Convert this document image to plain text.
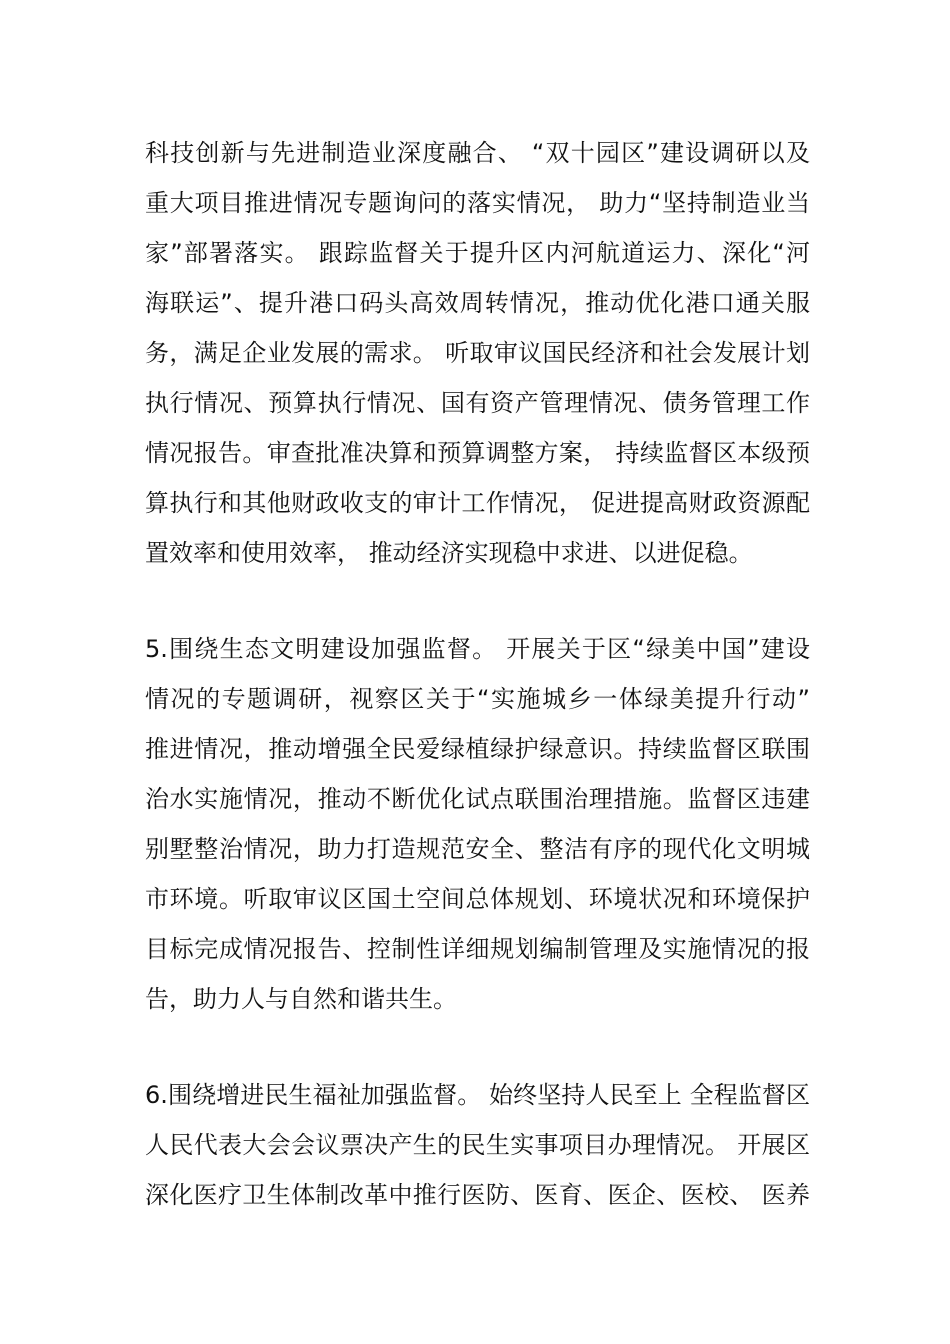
科技创新与先进制造业深度融合、 “双十园区”建设调研以及
重大项目推进情况专题询问的落实情况， 助力“坚持制造业当
家”部署落实。 跟踪监督关于提升区内河航道运力、深化“河
海联运”、提升港口码头高效周转情况，推动优化港口通关服
务，满足企业发展的需求。 听取审议国民经济和社会发展计划
执行情况、预算执行情况、国有资产管理情况、债务管理工作
情况报告。审查批准决算和预算调整方案， 持续监督区本级预
算执行和其他财政收支的审计工作情况， 促进提高财政资源配
置效率和使用效率， 推动经济实现稳中求进、以进促稳。
5.围绕生态文明建设加强监督。 开展关于区“绿美中国”建设
情况的专题调研，视察区关于“实施城乡一体绿美提升行动”
推进情况，推动增强全民爱绿植绿护绿意识。持续监督区联围
治水实施情况，推动不断优化试点联围治理措施。监督区违建
别墅整治情况，助力打造规范安全、整洁有序的现代化文明城
市环境。听取审议区国土空间总体规划、环境状况和环境保护
目标完成情况报告、控制性详细规划编制管理及实施情况的报
告，助力人与自然和谐共生。
6.围绕增进民生福祉加强监督。 始终坚持人民至上 全程监督区
人民代表大会会议票决产生的民生实事项目办理情况。 开展区
深化医疗卫生体制改革中推行医防、医育、医企、医校、 医养
